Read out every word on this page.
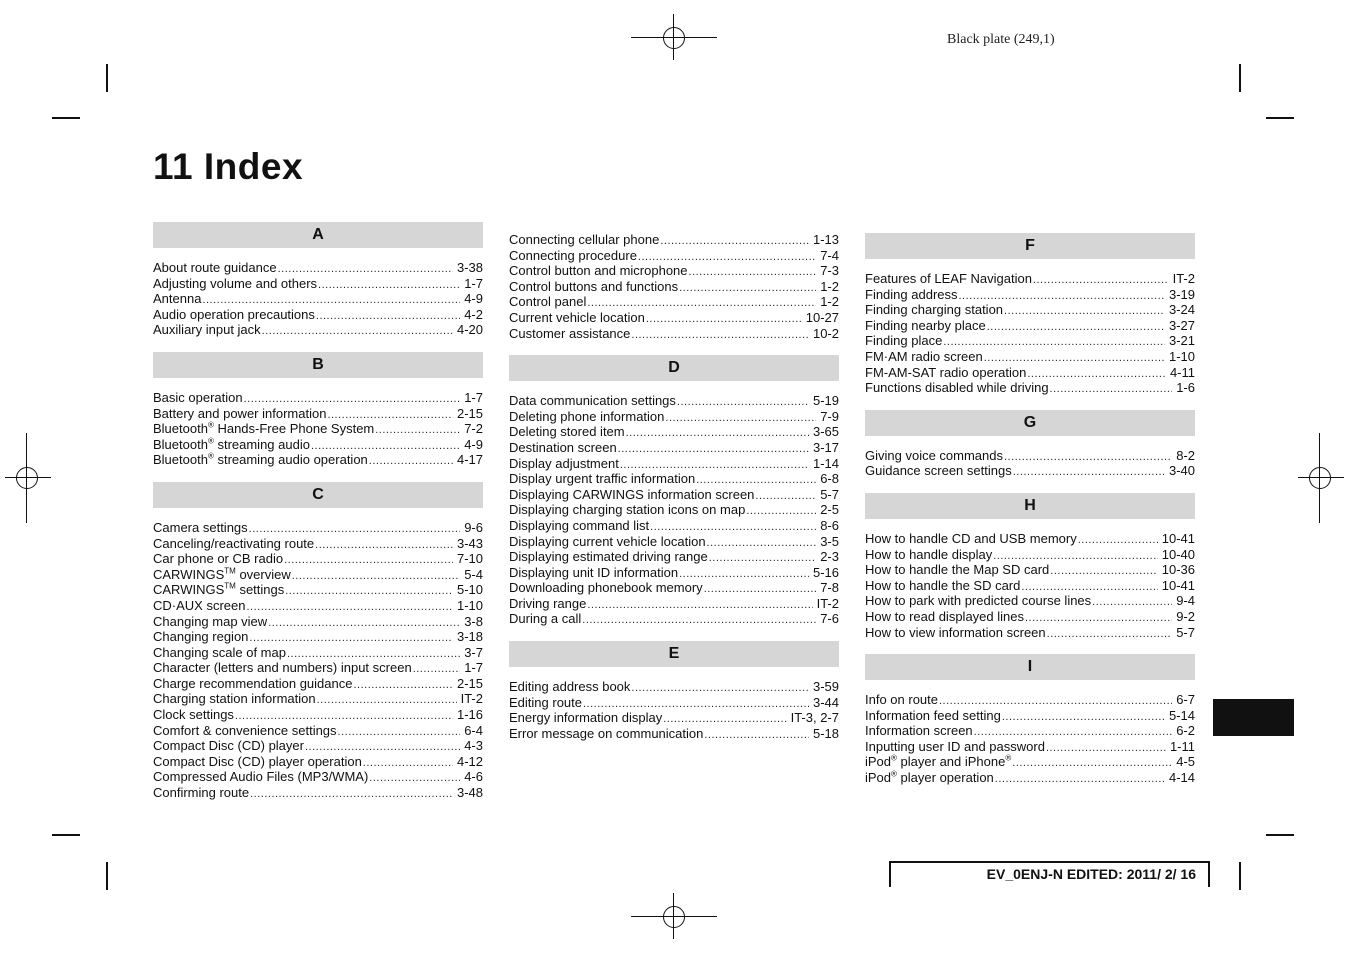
Black plate (249,1)
11 Index
A
About route guidance .....	3-38
Adjusting volume and others .....	1-7
Antenna .....	4-9
Audio operation precautions .....	4-2
Auxiliary input jack .....	4-20
B
Basic operation .....	1-7
Battery and power information .....	2-15
Bluetooth® Hands-Free Phone System .....	7-2
Bluetooth® streaming audio .....	4-9
Bluetooth® streaming audio operation .....	4-17
C
Camera settings .....	9-6
Canceling/reactivating route .....	3-43
Car phone or CB radio .....	7-10
CARWINGS™ overview .....	5-4
CARWINGS™ settings .....	5-10
CD·AUX screen .....	1-10
Changing map view .....	3-8
Changing region .....	3-18
Changing scale of map .....	3-7
Character (letters and numbers) input screen .....	1-7
Charge recommendation guidance .....	2-15
Charging station information .....	IT-2
Clock settings .....	1-16
Comfort & convenience settings .....	6-4
Compact Disc (CD) player .....	4-3
Compact Disc (CD) player operation .....	4-12
Compressed Audio Files (MP3/WMA) .....	4-6
Confirming route .....	3-48
Connecting cellular phone .....	1-13
Connecting procedure .....	7-4
Control button and microphone .....	7-3
Control buttons and functions .....	1-2
Control panel .....	1-2
Current vehicle location .....	10-27
Customer assistance .....	10-2
D
Data communication settings .....	5-19
Deleting phone information .....	7-9
Deleting stored item .....	3-65
Destination screen .....	3-17
Display adjustment .....	1-14
Display urgent traffic information .....	6-8
Displaying CARWINGS information screen .....	5-7
Displaying charging station icons on map .....	2-5
Displaying command list .....	8-6
Displaying current vehicle location .....	3-5
Displaying estimated driving range .....	2-3
Displaying unit ID information .....	5-16
Downloading phonebook memory .....	7-8
Driving range .....	IT-2
During a call .....	7-6
E
Editing address book .....	3-59
Editing route .....	3-44
Energy information display .....	IT-3, 2-7
Error message on communication .....	5-18
F
Features of LEAF Navigation .....	IT-2
Finding address .....	3-19
Finding charging station .....	3-24
Finding nearby place .....	3-27
Finding place .....	3-21
FM·AM radio screen .....	1-10
FM-AM-SAT radio operation .....	4-11
Functions disabled while driving .....	1-6
G
Giving voice commands .....	8-2
Guidance screen settings .....	3-40
H
How to handle CD and USB memory .....	10-41
How to handle display .....	10-40
How to handle the Map SD card .....	10-36
How to handle the SD card .....	10-41
How to park with predicted course lines .....	9-4
How to read displayed lines .....	9-2
How to view information screen .....	5-7
I
Info on route .....	6-7
Information feed setting .....	5-14
Information screen .....	6-2
Inputting user ID and password .....	1-11
iPod® player and iPhone® .....	4-5
iPod® player operation .....	4-14
EV_0ENJ-N EDITED: 2011/ 2/ 16
